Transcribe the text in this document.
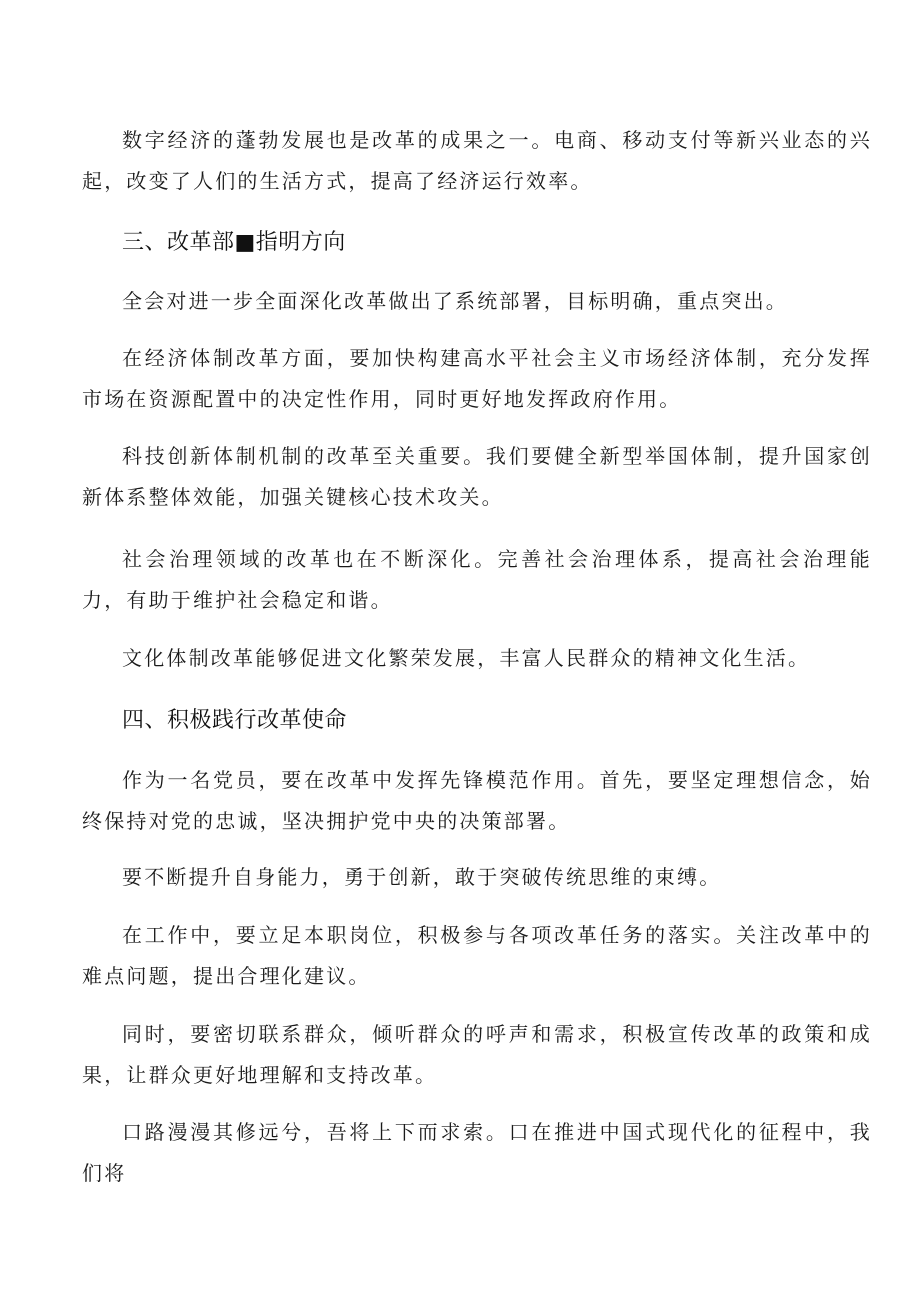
数字经济的蓬勃发展也是改革的成果之一。电商、移动支付等新兴业态的兴起，改变了人们的生活方式，提高了经济运行效率。

三、改革部■指明方向

全会对进一步全面深化改革做出了系统部署，目标明确，重点突出。

在经济体制改革方面，要加快构建高水平社会主义市场经济体制，充分发挥市场在资源配置中的决定性作用，同时更好地发挥政府作用。

科技创新体制机制的改革至关重要。我们要健全新型举国体制，提升国家创新体系整体效能，加强关键核心技术攻关。

社会治理领域的改革也在不断深化。完善社会治理体系，提高社会治理能力，有助于维护社会稳定和谐。

文化体制改革能够促进文化繁荣发展，丰富人民群众的精神文化生活。

四、积极践行改革使命

作为一名党员，要在改革中发挥先锋模范作用。首先，要坚定理想信念，始终保持对党的忠诚，坚决拥护党中央的决策部署。

要不断提升自身能力，勇于创新，敢于突破传统思维的束缚。

在工作中，要立足本职岗位，积极参与各项改革任务的落实。关注改革中的难点问题，提出合理化建议。

同时，要密切联系群众，倾听群众的呼声和需求，积极宣传改革的政策和成果，让群众更好地理解和支持改革。

口路漫漫其修远兮，吾将上下而求索。口在推进中国式现代化的征程中，我们将
